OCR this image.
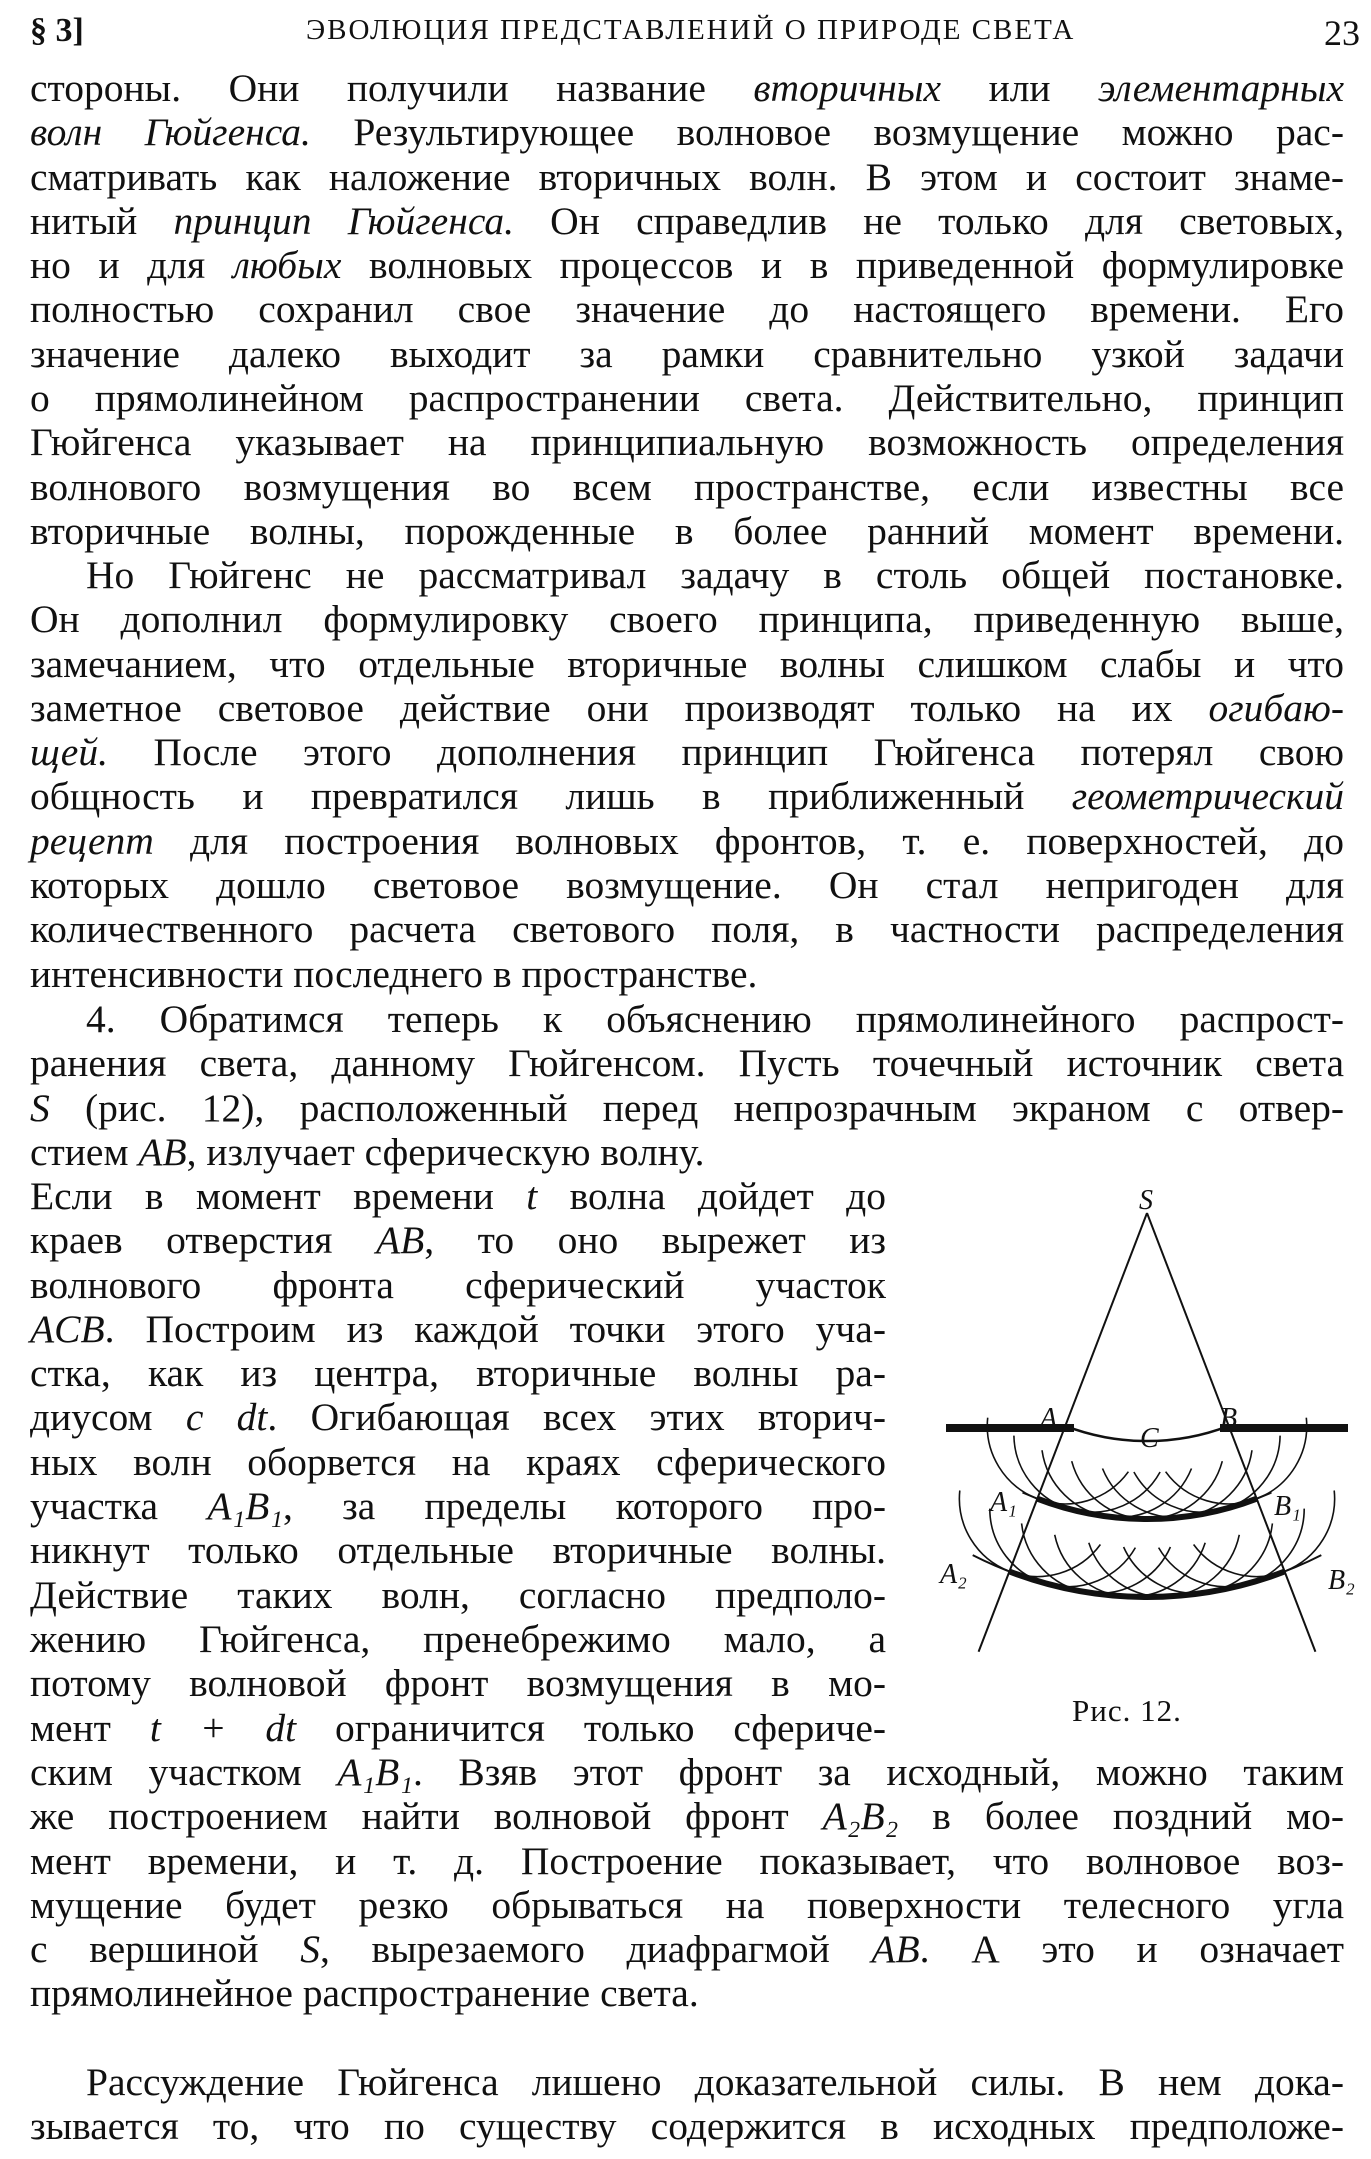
§ 3]	ЭВОЛЮЦИЯ ПРЕДСТАВЛЕНИЙ О ПРИРОДЕ СВЕТА	23
стороны. Они получили название вторичных или элементарных
волн Гюйгенса. Результирующее волновое возмущение можно рас-
сматривать как наложение вторичных волн. В этом и состоит знаме-
нитый принцип Гюйгенса. Он справедлив не только для световых,
но и для любых волновых процессов и в приведенной формулировке
полностью сохранил свое значение до настоящего времени. Его
значение далеко выходит за рамки сравнительно узкой задачи
о прямолинейном распространении света. Действительно, принцип
Гюйгенса указывает на принципиальную возможность определения
волнового возмущения во всем пространстве, если известны все
вторичные волны, порожденные в более ранний момент времени.
Но Гюйгенс не рассматривал задачу в столь общей постановке.
Он дополнил формулировку своего принципа, приведенную выше,
замечанием, что отдельные вторичные волны слишком слабы и что
заметное световое действие они производят только на их огибаю-
щей. После этого дополнения принцип Гюйгенса потерял свою
общность и превратился лишь в приближенный геометрический
рецепт для построения волновых фронтов, т. е. поверхностей, до
которых дошло световое возмущение. Он стал непригоден для
количественного расчета светового поля, в частности распределения
интенсивности последнего в пространстве.
4. Обратимся теперь к объяснению прямолинейного распрост-
ранения света, данному Гюйгенсом. Пусть точечный источник света
S (рис. 12), расположенный перед непрозрачным экраном с отвер-
стием AB, излучает сферическую волну.
Если в момент времени t волна дойдет до
краев отверстия AB, то оно вырежет из
волнового фронта сферический участок
ACB. Построим из каждой точки этого уча-
стка, как из центра, вторичные волны ра-
диусом c dt. Огибающая всех этих вторич-
ных волн оборвется на краях сферического
участка A₁B₁, за пределы которого про-
никнут только отдельные вторичные волны.
Действие таких волн, согласно предполо-
жению Гюйгенса, пренебрежимо мало, а
потому волновой фронт возмущения в мо-
мент t + dt ограничится только сфериче-
ским участком A₁B₁. Взяв этот фронт за исходный, можно таким
же построением найти волновой фронт A₂B₂ в более поздний мо-
мент времени, и т. д. Построение показывает, что волновое воз-
мущение будет резко обрываться на поверхности телесного угла
с вершиной S, вырезаемого диафрагмой AB. А это и означает
прямолинейное распространение света.
Рассуждение Гюйгенса лишено доказательной силы. В нем дока-
зывается то, что по существу содержится в исходных предположе-
S
A	B
C
A₁	B₁
A₂	B₂
Рис. 12.
